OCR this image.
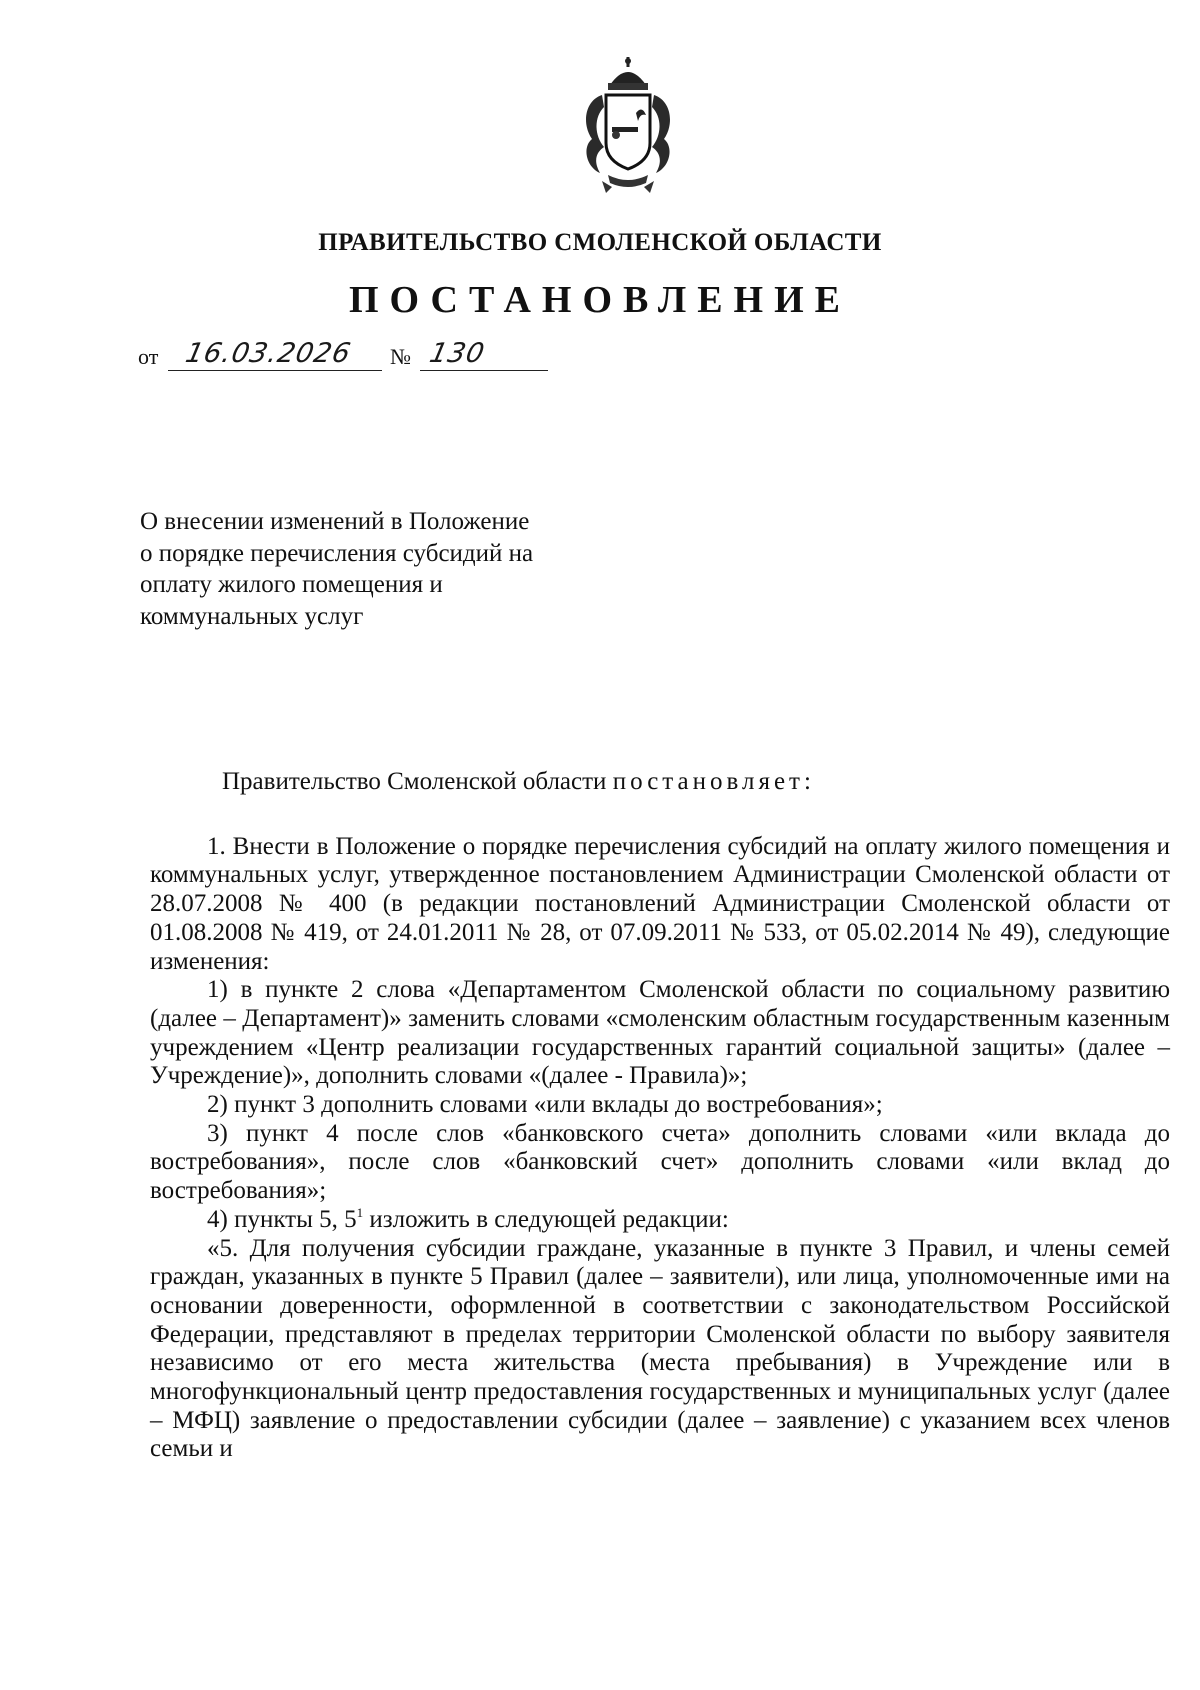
ПРАВИТЕЛЬСТВО СМОЛЕНСКОЙ ОБЛАСТИ
ПОСТАНОВЛЕНИЕ
от 16.03.2026 № 130
О внесении изменений в Положение
о порядке перечисления субсидий на
оплату жилого помещения и
коммунальных услуг
Правительство Смоленской области постановляет:

1. Внести в Положение о порядке перечисления субсидий на оплату жилого помещения и коммунальных услуг, утвержденное постановлением Администрации Смоленской области от 28.07.2008 № 400 (в редакции постановлений Администрации Смоленской области от 01.08.2008 № 419, от 24.01.2011 № 28, от 07.09.2011 № 533, от 05.02.2014 № 49), следующие изменения:

1) в пункте 2 слова «Департаментом Смоленской области по социальному развитию (далее – Департамент)» заменить словами «смоленским областным государственным казенным учреждением «Центр реализации государственных гарантий социальной защиты» (далее – Учреждение)», дополнить словами «(далее - Правила)»;

2) пункт 3 дополнить словами «или вклады до востребования»;

3) пункт 4 после слов «банковского счета» дополнить словами «или вклада до востребования», после слов «банковский счет» дополнить словами «или вклад до востребования»;

4) пункты 5, $5^1$ изложить в следующей редакции:

«5. Для получения субсидии граждане, указанные в пункте 3 Правил, и члены семей граждан, указанных в пункте 5 Правил (далее – заявители), или лица, уполномоченные ими на основании доверенности, оформленной в соответствии с законодательством Российской Федерации, представляют в пределах территории Смоленской области по выбору заявителя независимо от его места жительства (места пребывания) в Учреждение или в многофункциональный центр предоставления государственных и муниципальных услуг (далее – МФЦ) заявление о предоставлении субсидии (далее – заявление) с указанием всех членов семьи и
